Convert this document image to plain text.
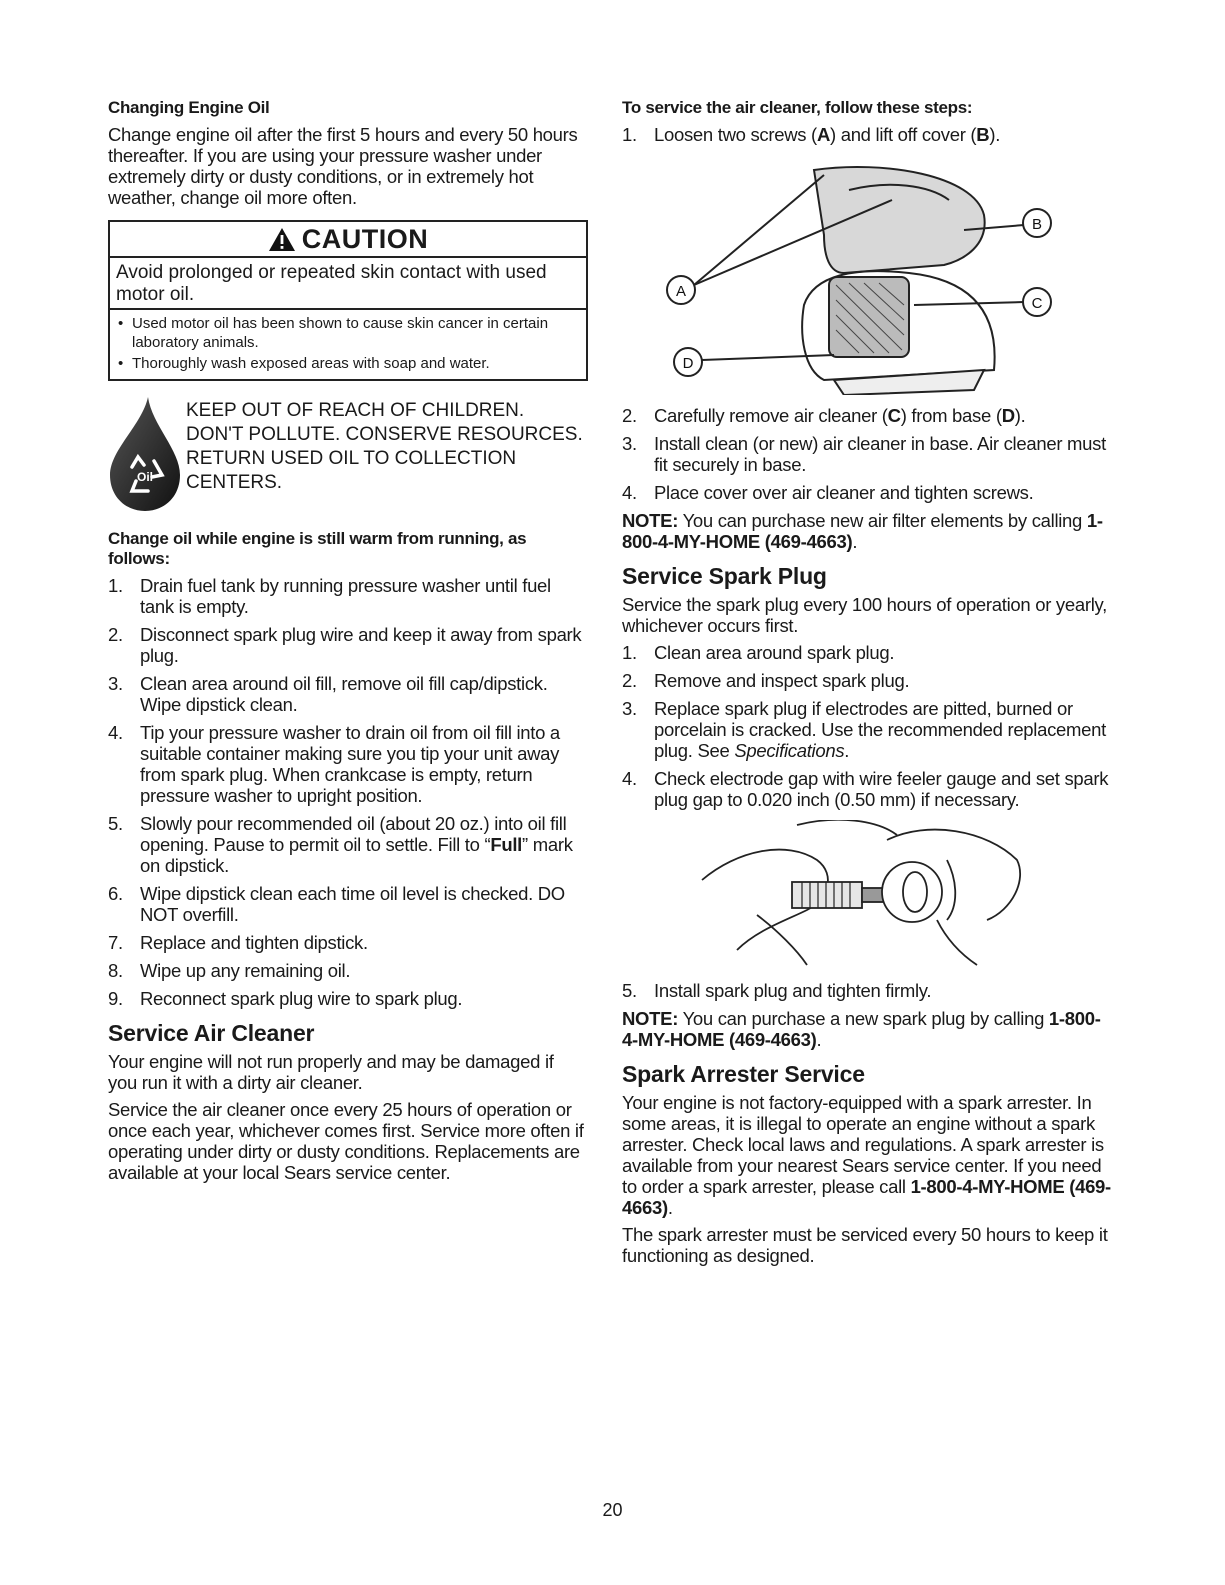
Changing Engine Oil

Change engine oil after the first 5 hours and every 50 hours thereafter. If you are using your pressure washer under extremely dirty or dusty conditions, or in extremely hot weather, change oil more often.

CAUTION
Avoid prolonged or repeated skin contact with used motor oil.
• Used motor oil has been shown to cause skin cancer in certain laboratory animals.
• Thoroughly wash exposed areas with soap and water.
Oil
KEEP OUT OF REACH OF CHILDREN. DON'T POLLUTE. CONSERVE RESOURCES. RETURN USED OIL TO COLLECTION CENTERS.
Change oil while engine is still warm from running, as follows:
1. Drain fuel tank by running pressure washer until fuel tank is empty.
2. Disconnect spark plug wire and keep it away from spark plug.
3. Clean area around oil fill, remove oil fill cap/dipstick. Wipe dipstick clean.
4. Tip your pressure washer to drain oil from oil fill into a suitable container making sure you tip your unit away from spark plug. When crankcase is empty, return pressure washer to upright position.
5. Slowly pour recommended oil (about 20 oz.) into oil fill opening. Pause to permit oil to settle. Fill to “Full” mark on dipstick.
6. Wipe dipstick clean each time oil level is checked. DO NOT overfill.
7. Replace and tighten dipstick.
8. Wipe up any remaining oil.
9. Reconnect spark plug wire to spark plug.
Service Air Cleaner

Your engine will not run properly and may be damaged if you run it with a dirty air cleaner.

Service the air cleaner once every 25 hours of operation or once each year, whichever comes first. Service more often if operating under dirty or dusty conditions. Replacements are available at your local Sears service center.

To service the air cleaner, follow these steps:
1. Loosen two screws (A) and lift off cover (B).
A
B
C
D
2. Carefully remove air cleaner (C) from base (D).
3. Install clean (or new) air cleaner in base. Air cleaner must fit securely in base.
4. Place cover over air cleaner and tighten screws.

NOTE: You can purchase new air filter elements by calling 1-800-4-MY-HOME (469-4663).

Service Spark Plug

Service the spark plug every 100 hours of operation or yearly, whichever occurs first.

1. Clean area around spark plug.
2. Remove and inspect spark plug.
3. Replace spark plug if electrodes are pitted, burned or porcelain is cracked. Use the recommended replacement plug. See Specifications.
4. Check electrode gap with wire feeler gauge and set spark plug gap to 0.020 inch (0.50 mm) if necessary.
5. Install spark plug and tighten firmly.

NOTE: You can purchase a new spark plug by calling 1-800-4-MY-HOME (469-4663).

Spark Arrester Service

Your engine is not factory-equipped with a spark arrester. In some areas, it is illegal to operate an engine without a spark arrester. Check local laws and regulations. A spark arrester is available from your nearest Sears service center. If you need to order a spark arrester, please call 1-800-4-MY-HOME (469-4663).

The spark arrester must be serviced every 50 hours to keep it functioning as designed.

20
